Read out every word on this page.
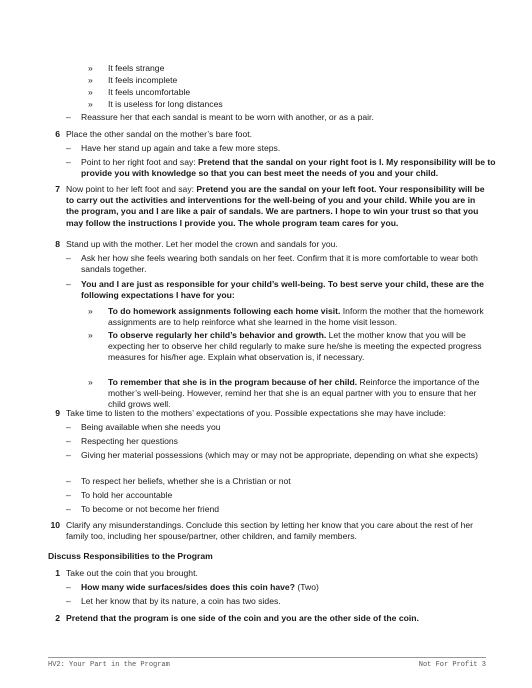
»	It feels strange
»	It feels incomplete
»	It feels uncomfortable
»	It is useless for long distances
–	Reassure her that each sandal is meant to be worn with another, or as a pair.
6 Place the other sandal on the mother’s bare foot.
–	Have her stand up again and take a few more steps.
–	Point to her right foot and say: Pretend that the sandal on your right foot is I. My responsibility will be to provide you with knowledge so that you can best meet the needs of you and your child.
7 Now point to her left foot and say: Pretend you are the sandal on your left foot. Your responsibility will be to carry out the activities and interventions for the well-being of you and your child. While you are in the program, you and I are like a pair of sandals. We are partners. I hope to win your trust so that you may follow the instructions I provide you. The whole program team cares for you.
8 Stand up with the mother. Let her model the crown and sandals for you.
–	Ask her how she feels wearing both sandals on her feet. Confirm that it is more comfortable to wear both sandals together.
–	You and I are just as responsible for your child’s well-being. To best serve your child, these are the following expectations I have for you:
»	To do homework assignments following each home visit. Inform the mother that the homework assignments are to help reinforce what she learned in the home visit lesson.
»	To observe regularly her child’s behavior and growth. Let the mother know that you will be expecting her to observe her child regularly to make sure he/she is meeting the expected progress measures for his/her age. Explain what observation is, if necessary.
»	To remember that she is in the program because of her child. Reinforce the importance of the mother’s well-being. However, remind her that she is an equal partner with you to ensure that her child grows well.
9 Take time to listen to the mothers’ expectations of you. Possible expectations she may have include:
–	Being available when she needs you
–	Respecting her questions
–	Giving her material possessions (which may or may not be appropriate, depending on what she expects)
–	To respect her beliefs, whether she is a Christian or not
–	To hold her accountable
–	To become or not become her friend
10 Clarify any misunderstandings. Conclude this section by letting her know that you care about the rest of her family too, including her spouse/partner, other children, and family members.
Discuss Responsibilities to the Program
1 Take out the coin that you brought.
–	How many wide surfaces/sides does this coin have? (Two)
–	Let her know that by its nature, a coin has two sides.
2 Pretend that the program is one side of the coin and you are the other side of the coin.
HV2: Your Part in the Program	Not For Profit 3
